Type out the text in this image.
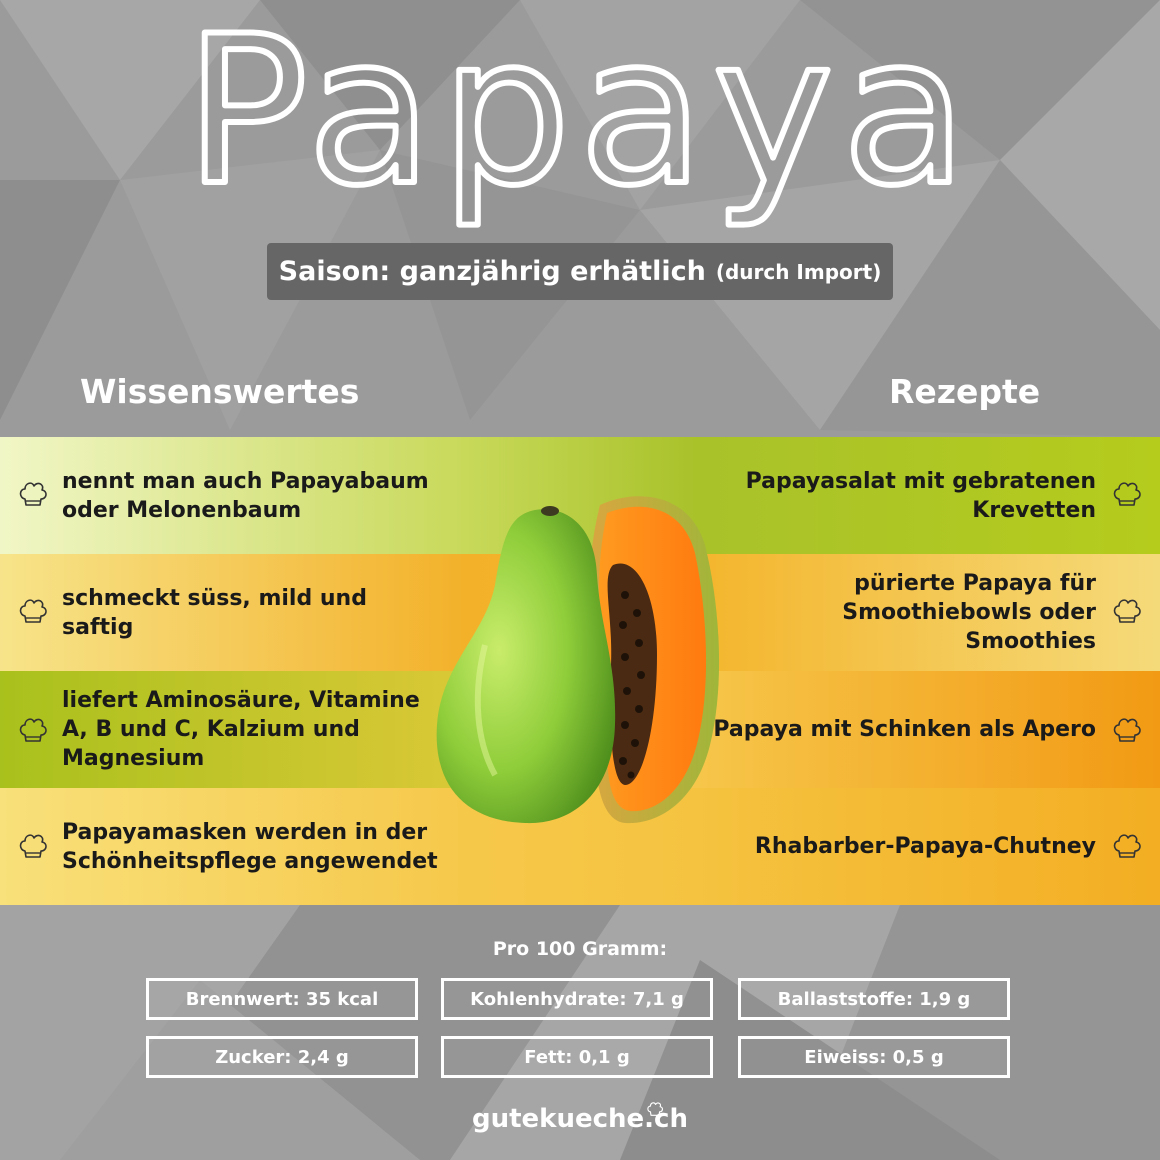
Papaya
Saison: ganzjährig erhätlich (durch Import)
Wissenswertes	Rezepte
nennt man auch Papayabaum oder Melonenbaum
schmeckt süss, mild und saftig
liefert Aminosäure, Vitamine A, B und C, Kalzium und Magnesium
Papayamasken werden in der Schönheitspflege angewendet
Papayasalat mit gebratenen Krevetten
pürierte Papaya für Smoothiebowls oder Smoothies
Papaya mit Schinken als Apero
Rhabarber-Papaya-Chutney
Pro 100 Gramm:
Brennwert: 35 kcal	Kohlenhydrate: 7,1 g	Ballaststoffe: 1,9 g
Zucker: 2,4 g	Fett: 0,1 g	Eiweiss: 0,5 g
gutekueche.ch
